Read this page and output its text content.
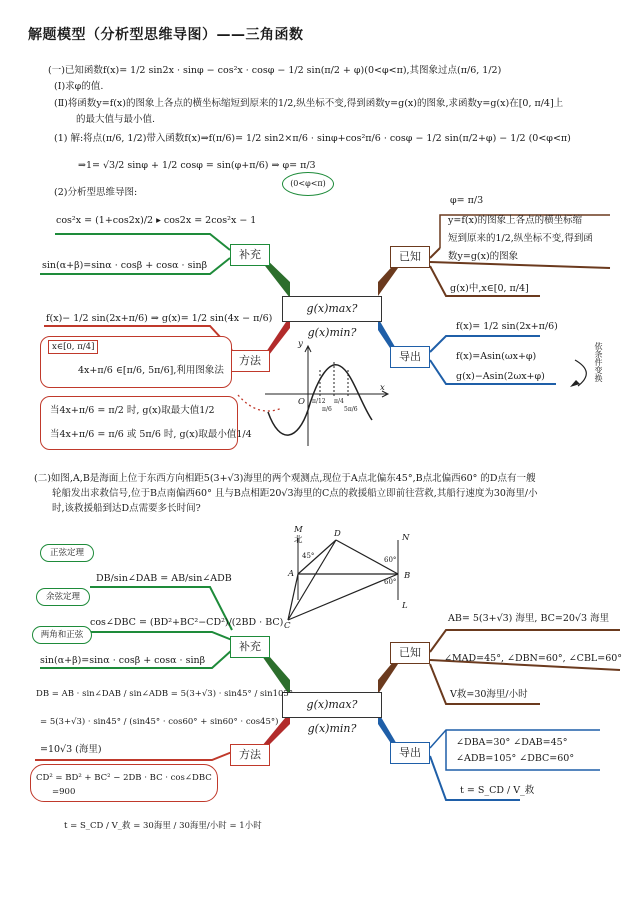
解题模型（分析型思维导图）——三角函数
(一)已知函数f(x)= 1/2 sin2x · sinφ − cos²x · cosφ − 1/2 sin(π/2 + φ)(0<φ<π),其图象过点(π/6, 1/2)
(Ⅰ)求φ的值.
(Ⅱ)将函数y=f(x)的图象上各点的横坐标缩短到原来的1/2,纵坐标不变,得到函数y=g(x)的图象,求函数y=g(x)在[0, π/4]上
的最大值与最小值.
(1) 解:将点(π/6, 1/2)带入函数f(x)⇒f(π/6)= 1/2 sin2×π/6 · sinφ+cos²π/6 · cosφ − 1/2 sin(π/2+φ) − 1/2 (0<φ<π)
⇒1= √3/2 sinφ + 1/2 cosφ = sin(φ+π/6) ⇒ φ= π/3
(0<φ<π)
(2)分析型思维导图:
cos²x = (1+cos2x)/2 ▸ cos2x = 2cos²x − 1
sin(α+β)=sinα · cosβ + cosα · sinβ
补充
g(x)max? g(x)min?
已知
导出
方法
f(x)− 1/2 sin(2x+π/6) ⇒ g(x)= 1/2 sin(4x − π/6)
x∈[0, π/4]
4x+π/6 ∈[π/6, 5π/6],利用图象法
当4x+π/6 = π/2 时, g(x)取最大值1/2
当4x+π/6 = π/6 或 5π/6 时, g(x)取最小值1/4
φ= π/3
y=f(x)的图象上各点的横坐标缩
短到原来的1/2,纵坐标不变,得到函
数y=g(x)的图象
g(x)中,x∈[0, π/4]
f(x)= 1/2 sin(2x+π/6)
f(x)=Asin(ωx+φ)
g(x)−Asin(2ωx+φ)	依条件变换
y
x
O π/12
π/6
π/4
5π/6
(二)如图,A,B是海面上位于东西方向相距5(3+√3)海里的两个观测点,现位于A点北偏东45°,B点北偏西60° 的D点有一艘
轮船发出求救信号,位于B点南偏西60° 且与B点相距20√3海里的C点的救援船立即前往营救,其船行速度为30海里/小
时,该救援船到达D点需要多长时间?
M
北
D	N
A	B
C
L
45°	60°
60°
正弦定理
余弦定理
两角和正弦
DB/sin∠DAB = AB/sin∠ADB
cos∠DBC = (BD²+BC²−CD²)/(2BD · BC)
sin(α+β)=sinα · cosβ + cosα · sinβ
补充
g(x)max? g(x)min?
已知
导出
方法
DB = AB · sin∠DAB / sin∠ADB = 5(3+√3) · sin45° / sin105°
= 5(3+√3) · sin45° / (sin45° · cos60° + sin60° · cos45°)
=10√3 (海里)
CD² = BD² + BC² − 2DB · BC · cos∠DBC
=900
t = S_CD / V_救 = 30海里 / 30海里/小时 = 1小时
AB= 5(3+√3) 海里, BC=20√3 海里
∠MAD=45°, ∠DBN=60°, ∠CBL=60°
V救=30海里/小时
∠DBA=30° ∠DAB=45°
∠ADB=105° ∠DBC=60°
t = S_CD / V_救
